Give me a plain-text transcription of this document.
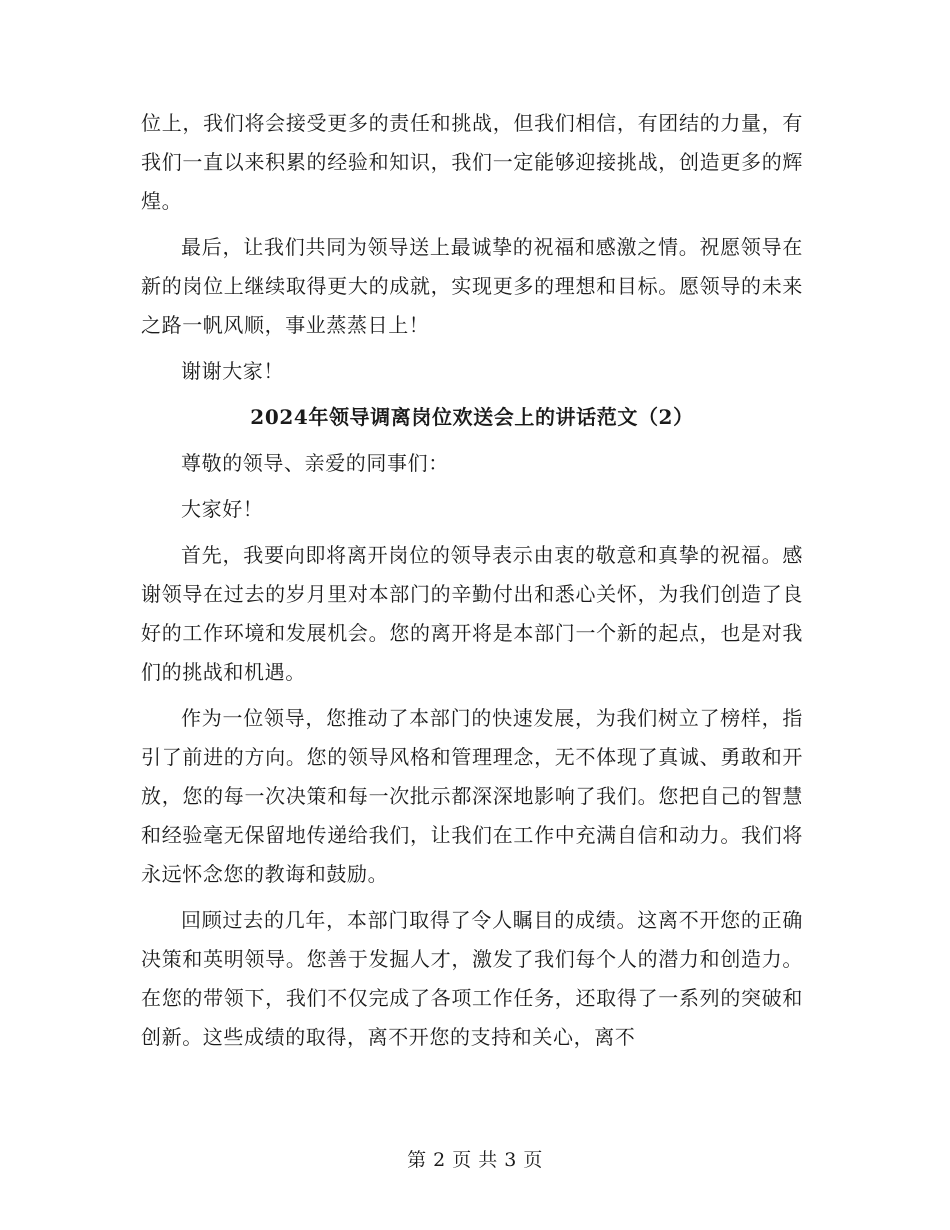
位上，我们将会接受更多的责任和挑战，但我们相信，有团结的力量，有我们一直以来积累的经验和知识，我们一定能够迎接挑战，创造更多的辉煌。

最后，让我们共同为领导送上最诚挚的祝福和感激之情。祝愿领导在新的岗位上继续取得更大的成就，实现更多的理想和目标。愿领导的未来之路一帆风顺，事业蒸蒸日上！

谢谢大家！

2024年领导调离岗位欢送会上的讲话范文（2）

尊敬的领导、亲爱的同事们：

大家好！

首先，我要向即将离开岗位的领导表示由衷的敬意和真挚的祝福。感谢领导在过去的岁月里对本部门的辛勤付出和悉心关怀，为我们创造了良好的工作环境和发展机会。您的离开将是本部门一个新的起点，也是对我们的挑战和机遇。

作为一位领导，您推动了本部门的快速发展，为我们树立了榜样，指引了前进的方向。您的领导风格和管理理念，无不体现了真诚、勇敢和开放，您的每一次决策和每一次批示都深深地影响了我们。您把自己的智慧和经验毫无保留地传递给我们，让我们在工作中充满自信和动力。我们将永远怀念您的教诲和鼓励。

回顾过去的几年，本部门取得了令人瞩目的成绩。这离不开您的正确决策和英明领导。您善于发掘人才，激发了我们每个人的潜力和创造力。在您的带领下，我们不仅完成了各项工作任务，还取得了一系列的突破和创新。这些成绩的取得，离不开您的支持和关心，离不

第 2 页 共 3 页
